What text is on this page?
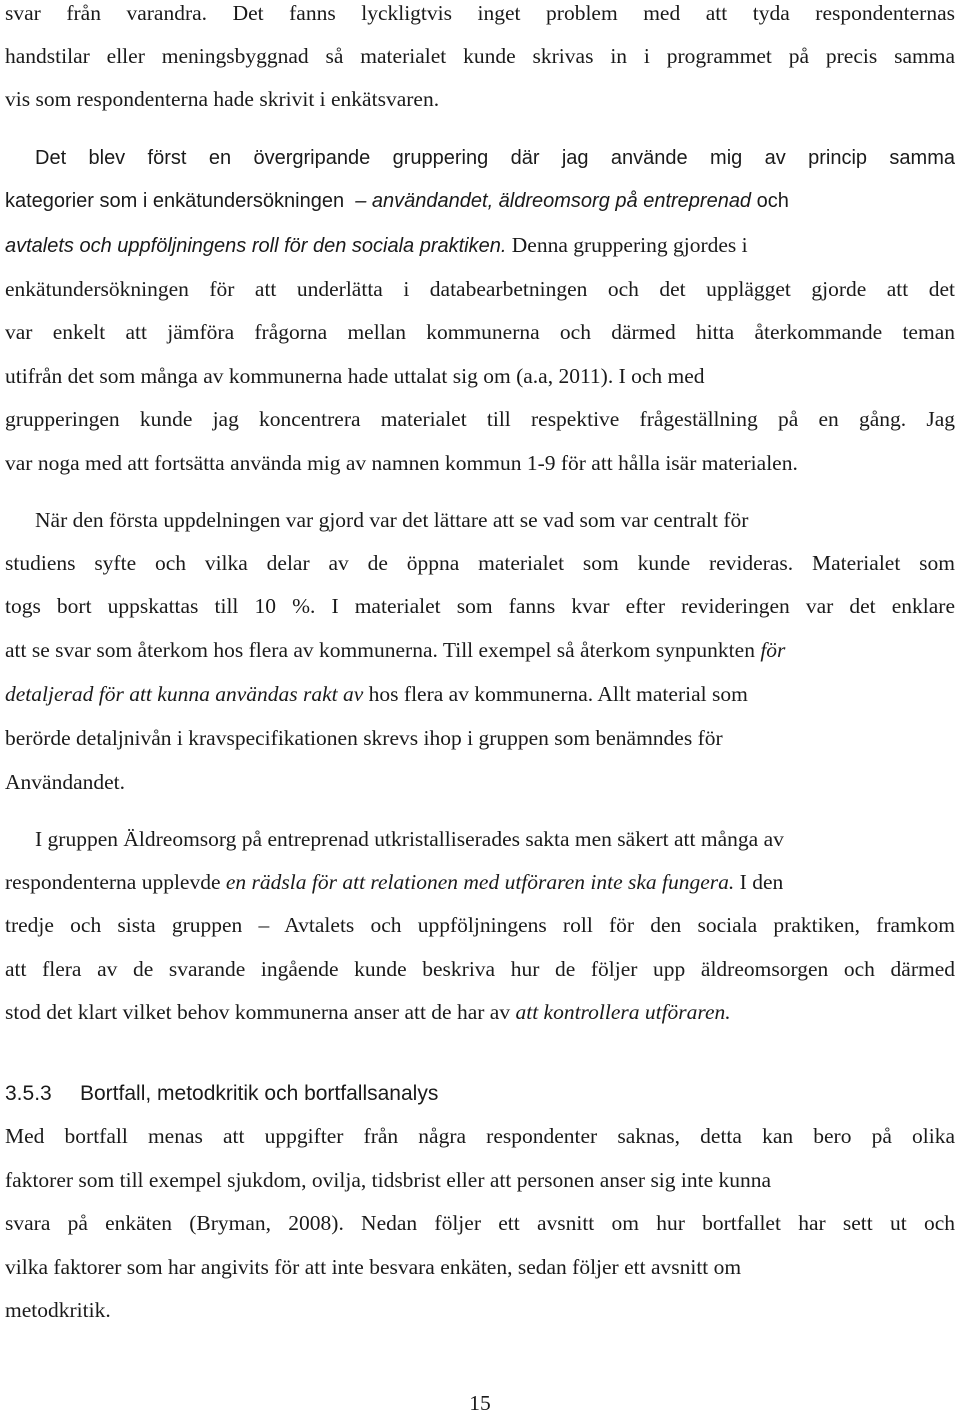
svar från varandra. Det fanns lyckligtvis inget problem med att tyda respondenternas
handstilar eller meningsbyggnad så materialet kunde skrivas in i programmet på precis samma
vis som respondenterna hade skrivit i enkätsvaren.
Det blev först en övergripande gruppering där jag använde mig av princip samma
kategorier som i enkätundersökningen – användandet, äldreomsorg på entreprenad och
avtalets och uppföljningens roll för den sociala praktiken. Denna gruppering gjordes i
enkätundersökningen för att underlätta i databearbetningen och det upplägget gjorde att det
var enkelt att jämföra frågorna mellan kommunerna och därmed hitta återkommande teman
utifrån det som många av kommunerna hade uttalat sig om (a.a, 2011). I och med
grupperingen kunde jag koncentrera materialet till respektive frågeställning på en gång. Jag
var noga med att fortsätta använda mig av namnen kommun 1-9 för att hålla isär materialen.
När den första uppdelningen var gjord var det lättare att se vad som var centralt för
studiens syfte och vilka delar av de öppna materialet som kunde revideras. Materialet som
togs bort uppskattas till 10 %. I materialet som fanns kvar efter revideringen var det enklare
att se svar som återkom hos flera av kommunerna. Till exempel så återkom synpunkten för
detaljerad för att kunna användas rakt av hos flera av kommunerna. Allt material som
berörde detaljnivån i kravspecifikationen skrevs ihop i gruppen som benämndes för
Användandet.
I gruppen Äldreomsorg på entreprenad utkristalliserades sakta men säkert att många av
respondenterna upplevde en rädsla för att relationen med utföraren inte ska fungera. I den
tredje och sista gruppen – Avtalets och uppföljningens roll för den sociala praktiken, framkom
att flera av de svarande ingående kunde beskriva hur de följer upp äldreomsorgen och därmed
stod det klart vilket behov kommunerna anser att de har av att kontrollera utföraren.
3.5.3 Bortfall, metodkritik och bortfallsanalys
Med bortfall menas att uppgifter från några respondenter saknas, detta kan bero på olika
faktorer som till exempel sjukdom, ovilja, tidsbrist eller att personen anser sig inte kunna
svara på enkäten (Bryman, 2008). Nedan följer ett avsnitt om hur bortfallet har sett ut och
vilka faktorer som har angivits för att inte besvara enkäten, sedan följer ett avsnitt om
metodkritik.
15
